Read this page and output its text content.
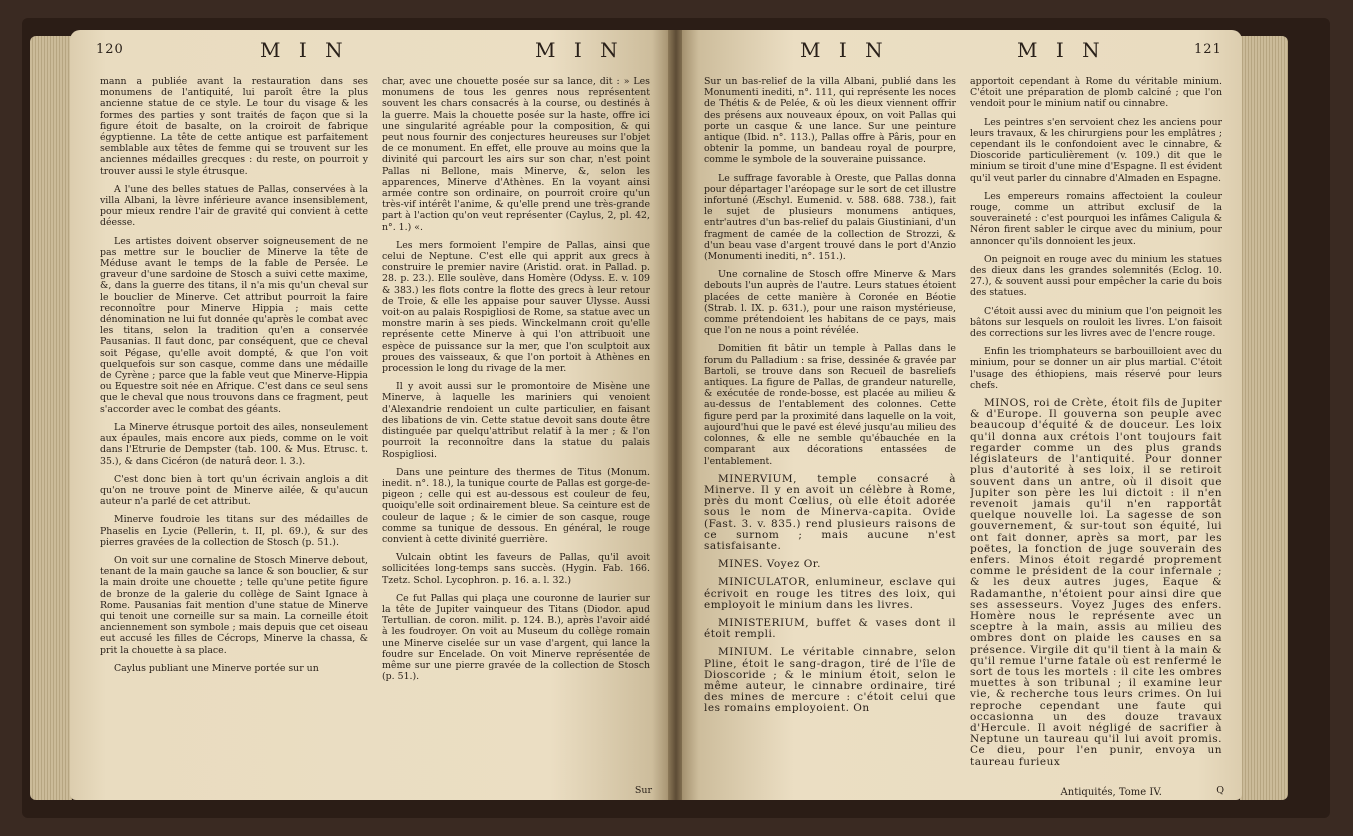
120	M I N	M I N

mann a publiée avant la restauration dans ses monumens de l'antiquité, lui paroît être la plus ancienne statue de ce style. Le tour du visage & les formes des parties y sont traités de façon que si la figure étoit de basalte, on la croiroit de fabrique égyptienne. La tête de cette antique est parfaitement semblable aux têtes de femme qui se trouvent sur les anciennes médailles grecques : du reste, on pourroit y trouver aussi le style étrusque.

A l'une des belles statues de Pallas, conservées à la villa Albani, la lèvre inférieure avance insensiblement, pour mieux rendre l'air de gravité qui convient à cette déesse.

Les artistes doivent observer soigneusement de ne pas mettre sur le bouclier de Minerve la tête de Méduse avant le temps de la fable de Persée. Le graveur d'une sardoine de Stosch a suivi cette maxime, &, dans la guerre des titans, il n'a mis qu'un cheval sur le bouclier de Minerve. Cet attribut pourroit la faire reconnoître pour Minerve Hippia ; mais cette dénomination ne lui fut donnée qu'après le combat avec les titans, selon la tradition qu'en a conservée Pausanias. Il faut donc, par conséquent, que ce cheval soit Pégase, qu'elle avoit dompté, & que l'on voit quelquefois sur son casque, comme dans une médaille de Cyrène ; parce que la fable veut que Minerve-Hippia ou Equestre soit née en Afrique. C'est dans ce seul sens que le cheval que nous trouvons dans ce fragment, peut s'accorder avec le combat des géants.

La Minerve étrusque portoit des ailes, nonseulement aux épaules, mais encore aux pieds, comme on le voit dans l'Etrurie de Dempster (tab. 100. & Mus. Etrusc. t. 35.), & dans Cicéron (de naturâ deor. l. 3.).

C'est donc bien à tort qu'un écrivain anglois a dit qu'on ne trouve point de Minerve ailée, & qu'aucun auteur n'a parlé de cet attribut.

Minerve foudroie les titans sur des médailles de Phaselis en Lycie (Pellerin, t. II, pl. 69.), & sur des pierres gravées de la collection de Stosch (p. 51.).

On voit sur une cornaline de Stosch Minerve debout, tenant de la main gauche sa lance & son bouclier, & sur la main droite une chouette ; telle qu'une petite figure de bronze de la galerie du collège de Saint Ignace à Rome. Pausanias fait mention d'une statue de Minerve qui tenoit une corneille sur sa main. La corneille étoit anciennement son symbole ; mais depuis que cet oiseau eut accusé les filles de Cécrops, Minerve la chassa, & prit la chouette à sa place.

Caylus publiant une Minerve portée sur un

char, avec une chouette posée sur sa lance, dit : » Les monumens de tous les genres nous représentent souvent les chars consacrés à la course, ou destinés à la guerre. Mais la chouette posée sur la haste, offre ici une singularité agréable pour la composition, & qui peut nous fournir des conjectures heureuses sur l'objet de ce monument. En effet, elle prouve au moins que la divinité qui parcourt les airs sur son char, n'est point Pallas ni Bellone, mais Minerve, &, selon les apparences, Minerve d'Athènes. En la voyant ainsi armée contre son ordinaire, on pourroit croire qu'un très-vif intérêt l'anime, & qu'elle prend une très-grande part à l'action qu'on veut représenter (Caylus, 2, pl. 42, n°. 1.) «.

Les mers formoient l'empire de Pallas, ainsi que celui de Neptune. C'est elle qui apprit aux grecs à construire le premier navire (Aristid. orat. in Pallad. p. 28. p. 23.). Elle soulève, dans Homère (Odyss. E. v. 109 & 383.) les flots contre la flotte des grecs à leur retour de Troie, & elle les appaise pour sauver Ulysse. Aussi voit-on au palais Rospigliosi de Rome, sa statue avec un monstre marin à ses pieds. Winckelmann croit qu'elle représente cette Minerve à qui l'on attribuoit une espèce de puissance sur la mer, que l'on sculptoit aux proues des vaisseaux, & que l'on portoit à Athènes en procession le long du rivage de la mer.

Il y avoit aussi sur le promontoire de Misène une Minerve, à laquelle les mariniers qui venoient d'Alexandrie rendoient un culte particulier, en faisant des libations de vin. Cette statue devoit sans doute être distinguée par quelqu'attribut relatif à la mer ; & l'on pourroit la reconnoître dans la statue du palais Rospigliosi.

Dans une peinture des thermes de Titus (Monum. inedit. n°. 18.), la tunique courte de Pallas est gorge-de-pigeon ; celle qui est au-dessous est couleur de feu, quoiqu'elle soit ordinairement bleue. Sa ceinture est de couleur de laque ; & le cimier de son casque, rouge comme sa tunique de dessous. En général, le rouge convient à cette divinité guerrière.

Vulcain obtint les faveurs de Pallas, qu'il avoit sollicitées long-temps sans succès. (Hygin. Fab. 166. Tzetz. Schol. Lycophron. p. 16. a. l. 32.)

Ce fut Pallas qui plaça une couronne de laurier sur la tête de Jupiter vainqueur des Titans (Diodor. apud Tertullian. de coron. milit. p. 124. B.), après l'avoir aidé à les foudroyer. On voit au Museum du collège romain une Minerve ciselée sur un vase d'argent, qui lance la foudre sur Encelade. On voit Minerve représentée de même sur une pierre gravée de la collection de Stosch (p. 51.).

Sur
M I N	M I N	121

Sur un bas-relief de la villa Albani, publié dans les Monumenti inediti, n°. 111, qui représente les noces de Thétis & de Pelée, & où les dieux viennent offrir des présens aux nouveaux époux, on voit Pallas qui porte un casque & une lance. Sur une peinture antique (Ibid. n°. 113.), Pallas offre à Pâris, pour en obtenir la pomme, un bandeau royal de pourpre, comme le symbole de la souveraine puissance.

Le suffrage favorable à Oreste, que Pallas donna pour départager l'aréopage sur le sort de cet illustre infortuné (Æschyl. Eumenid. v. 588. 688. 738.), fait le sujet de plusieurs monumens antiques, entr'autres d'un bas-relief du palais Giustiniani, d'un fragment de camée de la collection de Strozzi, & d'un beau vase d'argent trouvé dans le port d'Anzio (Monumenti inediti, n°. 151.).

Une cornaline de Stosch offre Minerve & Mars debouts l'un auprès de l'autre. Leurs statues étoient placées de cette manière à Coronée en Béotie (Strab. l. IX. p. 631.), pour une raison mystérieuse, comme prétendoient les habitans de ce pays, mais que l'on ne nous a point révélée.

Domitien fit bâtir un temple à Pallas dans le forum du Palladium : sa frise, dessinée & gravée par Bartoli, se trouve dans son Recueil de basreliefs antiques. La figure de Pallas, de grandeur naturelle, & exécutée de ronde-bosse, est placée au milieu & au-dessus de l'entablement des colonnes. Cette figure perd par la proximité dans laquelle on la voit, aujourd'hui que le pavé est élevé jusqu'au milieu des colonnes, & elle ne semble qu'ébauchée en la comparant aux décorations entassées de l'entablement.

MINERVIUM, temple consacré à Minerve. Il y en avoit un célèbre à Rome, près du mont Cœlius, où elle étoit adorée sous le nom de Minerva-capita. Ovide (Fast. 3. v. 835.) rend plusieurs raisons de ce surnom ; mais aucune n'est satisfaisante.

MINES. Voyez Or.

MINICULATOR, enlumineur, esclave qui écrivoit en rouge les titres des loix, qui employoit le minium dans les livres.

MINISTERIUM, buffet & vases dont il étoit rempli.

MINIUM. Le véritable cinnabre, selon Pline, étoit le sang-dragon, tiré de l'île de Dioscoride ; & le minium étoit, selon le même auteur, le cinnabre ordinaire, tiré des mines de mercure : c'étoit celui que les romains employoient. On

apportoit cependant à Rome du véritable minium. C'étoit une préparation de plomb calciné ; que l'on vendoit pour le minium natif ou cinnabre.

Les peintres s'en servoient chez les anciens pour leurs travaux, & les chirurgiens pour les emplâtres ; cependant ils le confondoient avec le cinnabre, & Dioscoride particulièrement (v. 109.) dit que le minium se tiroit d'une mine d'Espagne. Il est évident qu'il veut parler du cinnabre d'Almaden en Espagne.

Les empereurs romains affectoient la couleur rouge, comme un attribut exclusif de la souveraineté : c'est pourquoi les infâmes Caligula & Néron firent sabler le cirque avec du minium, pour annoncer qu'ils donnoient les jeux.

On peignoit en rouge avec du minium les statues des dieux dans les grandes solemnités (Eclog. 10. 27.), & souvent aussi pour empêcher la carie du bois des statues.

C'étoit aussi avec du minium que l'on peignoit les bâtons sur lesquels on rouloit les livres. L'on faisoit des corrections sur les livres avec de l'encre rouge.

Enfin les triomphateurs se barbouilloient avec du minium, pour se donner un air plus martial. C'étoit l'usage des éthiopiens, mais réservé pour leurs chefs.

MINOS, roi de Crète, étoit fils de Jupiter & d'Europe. Il gouverna son peuple avec beaucoup d'équité & de douceur. Les loix qu'il donna aux crétois l'ont toujours fait regarder comme un des plus grands législateurs de l'antiquité. Pour donner plus d'autorité à ses loix, il se retiroit souvent dans un antre, où il disoit que Jupiter son père les lui dictoit : il n'en revenoit jamais qu'il n'en rapportât quelque nouvelle loi. La sagesse de son gouvernement, & sur-tout son équité, lui ont fait donner, après sa mort, par les poëtes, la fonction de juge souverain des enfers. Minos étoit regardé proprement comme le président de la cour infernale ; & les deux autres juges, Eaque & Radamanthe, n'étoient pour ainsi dire que ses assesseurs. Voyez Juges des enfers. Homère nous le représente avec un sceptre à la main, assis au milieu des ombres dont on plaide les causes en sa présence. Virgile dit qu'il tient à la main & qu'il remue l'urne fatale où est renfermé le sort de tous les mortels : il cite les ombres muettes à son tribunal ; il examine leur vie, & recherche tous leurs crimes. On lui reproche cependant une faute qui occasionna un des douze travaux d'Hercule. Il avoit négligé de sacrifier à Neptune un taureau qu'il lui avoit promis. Ce dieu, pour l'en punir, envoya un taureau furieux

Antiquités, Tome IV.	Q
